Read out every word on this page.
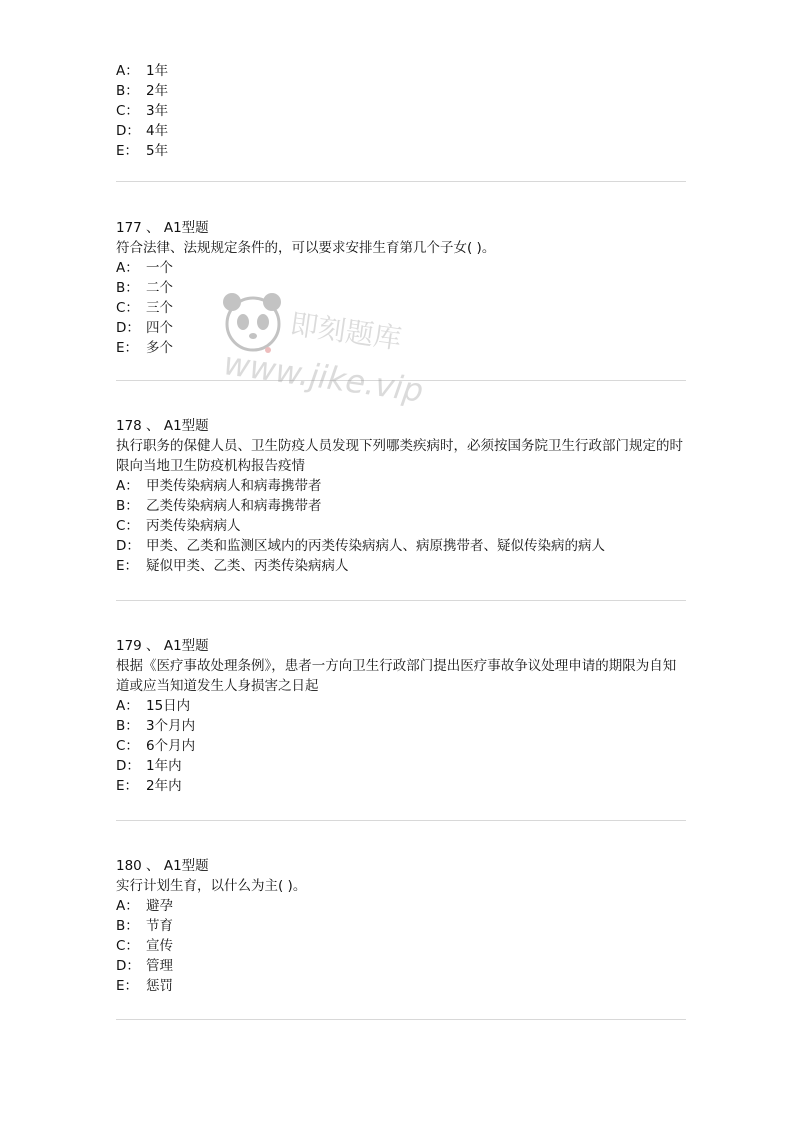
A： 1年
B： 2年
C： 3年
D： 4年
E： 5年
177 、 A1型题
符合法律、法规规定条件的，可以要求安排生育第几个子女( )。
A： 一个
B： 二个
C： 三个
D： 四个
E： 多个
178 、 A1型题
执行职务的保健人员、卫生防疫人员发现下列哪类疾病时，必须按国务院卫生行政部门规定的时限向当地卫生防疫机构报告疫情
A： 甲类传染病病人和病毒携带者
B： 乙类传染病病人和病毒携带者
C： 丙类传染病病人
D： 甲类、乙类和监测区域内的丙类传染病病人、病原携带者、疑似传染病的病人
E： 疑似甲类、乙类、丙类传染病病人
179 、 A1型题
根据《医疗事故处理条例》，患者一方向卫生行政部门提出医疗事故争议处理申请的期限为自知道或应当知道发生人身损害之日起
A： 15日内
B： 3个月内
C： 6个月内
D： 1年内
E： 2年内
180 、 A1型题
实行计划生育，以什么为主( )。
A： 避孕
B： 节育
C： 宣传
D： 管理
E： 惩罚
即刻题库
www.jike.vip
